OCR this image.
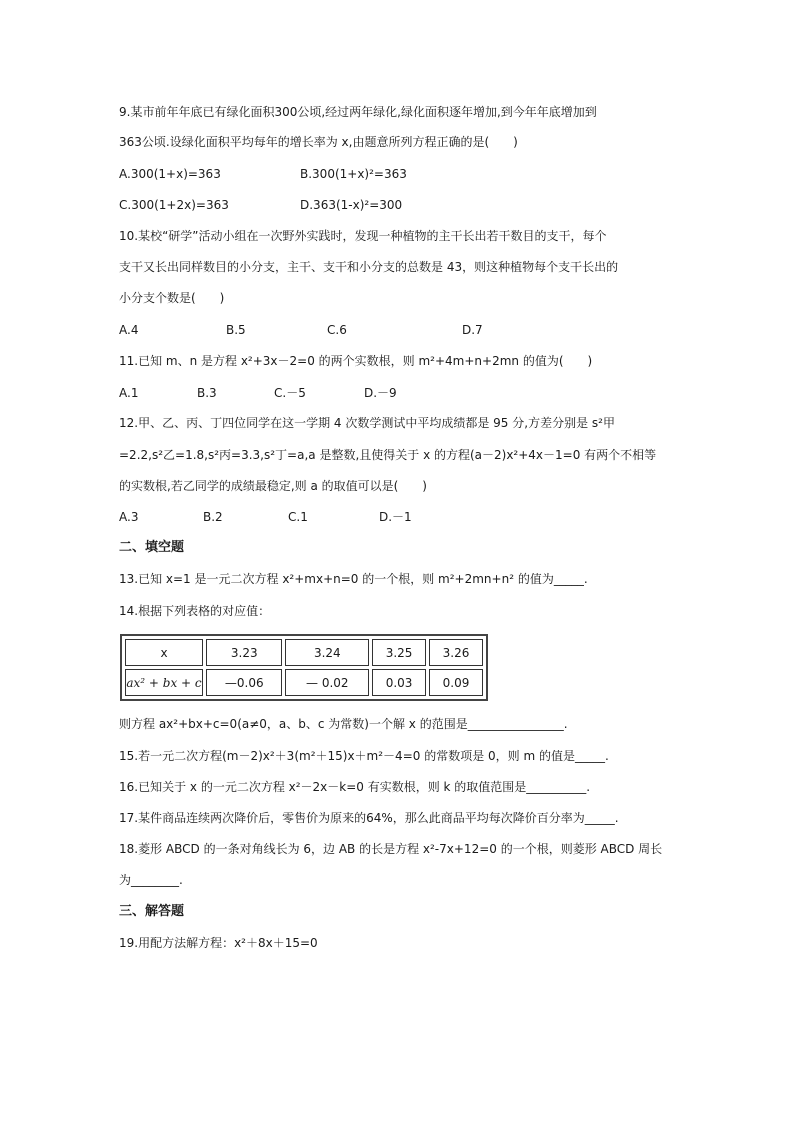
9.某市前年年底已有绿化面积300公顷,经过两年绿化,绿化面积逐年增加,到今年年底增加到
363公顷.设绿化面积平均每年的增长率为 x,由题意所列方程正确的是(　　)
A.300(1+x)=363	B.300(1+x)²=363
C.300(1+2x)=363	D.363(1-x)²=300
10.某校“研学”活动小组在一次野外实践时，发现一种植物的主干长出若干数目的支干，每个
支干又长出同样数目的小分支，主干、支干和小分支的总数是 43，则这种植物每个支干长出的
小分支个数是(　　)
A.4	B.5	C.6	D.7
11.已知 m、n 是方程 x²+3x－2=0 的两个实数根，则 m²+4m+n+2mn 的值为(　　)
A.1	B.3	C.－5	D.－9
12.甲、乙、丙、丁四位同学在这一学期 4 次数学测试中平均成绩都是 95 分,方差分别是 s²甲
=2.2,s²乙=1.8,s²丙=3.3,s²丁=a,a 是整数,且使得关于 x 的方程(a－2)x²+4x－1=0 有两个不相等
的实数根,若乙同学的成绩最稳定,则 a 的取值可以是(　　)
A.3	B.2	C.1	D.－1
二、填空题
13.已知 x=1 是一元二次方程 x²+mx+n=0 的一个根，则 m²+2mn+n² 的值为_____.
14.根据下列表格的对应值：
x	3.23	3.24	3.25	3.26
ax² + bx + c	—0.06	— 0.02	0.03	0.09
则方程 ax²+bx+c=0(a≠0，a、b、c 为常数)一个解 x 的范围是________________.
15.若一元二次方程(m－2)x²＋3(m²＋15)x＋m²－4=0 的常数项是 0，则 m 的值是_____.
16.已知关于 x 的一元二次方程 x²－2x－k=0 有实数根，则 k 的取值范围是__________.
17.某件商品连续两次降价后，零售价为原来的64%，那么此商品平均每次降价百分率为_____.
18.菱形 ABCD 的一条对角线长为 6，边 AB 的长是方程 x²-7x+12=0 的一个根，则菱形 ABCD 周长
为________.
三、解答题
19.用配方法解方程：x²＋8x＋15=0
